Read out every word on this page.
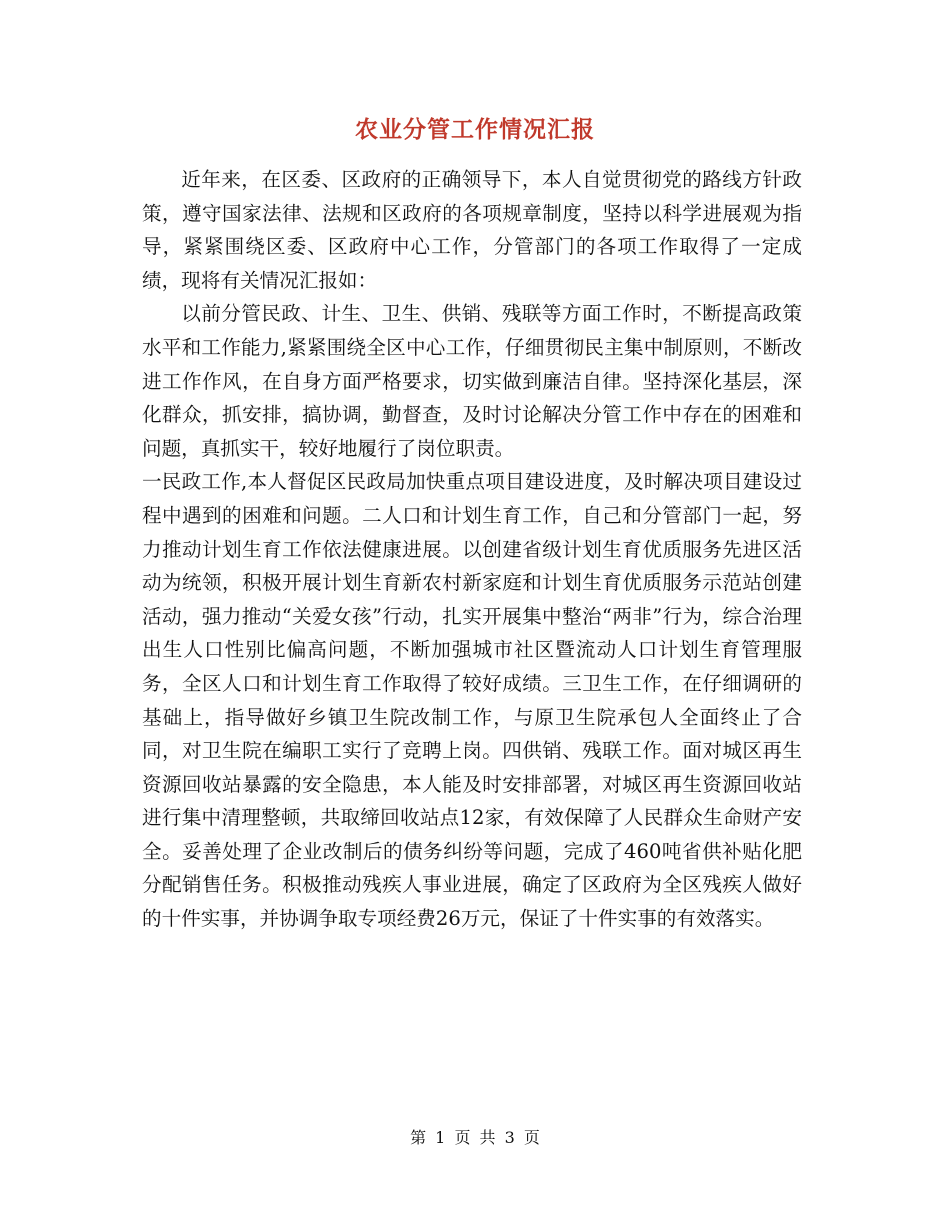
农业分管工作情况汇报

近年来，在区委、区政府的正确领导下，本人自觉贯彻党的路线方针政策，遵守国家法律、法规和区政府的各项规章制度，坚持以科学进展观为指导，紧紧围绕区委、区政府中心工作，分管部门的各项工作取得了一定成绩，现将有关情况汇报如：

以前分管民政、计生、卫生、供销、残联等方面工作时，不断提高政策水平和工作能力,紧紧围绕全区中心工作，仔细贯彻民主集中制原则，不断改进工作作风，在自身方面严格要求，切实做到廉洁自律。坚持深化基层，深化群众，抓安排，搞协调，勤督查，及时讨论解决分管工作中存在的困难和问题，真抓实干，较好地履行了岗位职责。

一民政工作,本人督促区民政局加快重点项目建设进度，及时解决项目建设过程中遇到的困难和问题。二人口和计划生育工作，自己和分管部门一起，努力推动计划生育工作依法健康进展。以创建省级计划生育优质服务先进区活动为统领，积极开展计划生育新农村新家庭和计划生育优质服务示范站创建活动，强力推动“关爱女孩”行动，扎实开展集中整治“两非”行为，综合治理出生人口性别比偏高问题，不断加强城市社区暨流动人口计划生育管理服务，全区人口和计划生育工作取得了较好成绩。三卫生工作，在仔细调研的基础上，指导做好乡镇卫生院改制工作，与原卫生院承包人全面终止了合同，对卫生院在编职工实行了竞聘上岗。四供销、残联工作。面对城区再生资源回收站暴露的安全隐患，本人能及时安排部署，对城区再生资源回收站进行集中清理整顿，共取缔回收站点12家，有效保障了人民群众生命财产安全。妥善处理了企业改制后的债务纠纷等问题，完成了460吨省供补贴化肥分配销售任务。积极推动残疾人事业进展，确定了区政府为全区残疾人做好的十件实事，并协调争取专项经费26万元，保证了十件实事的有效落实。

第 1 页 共 3 页
